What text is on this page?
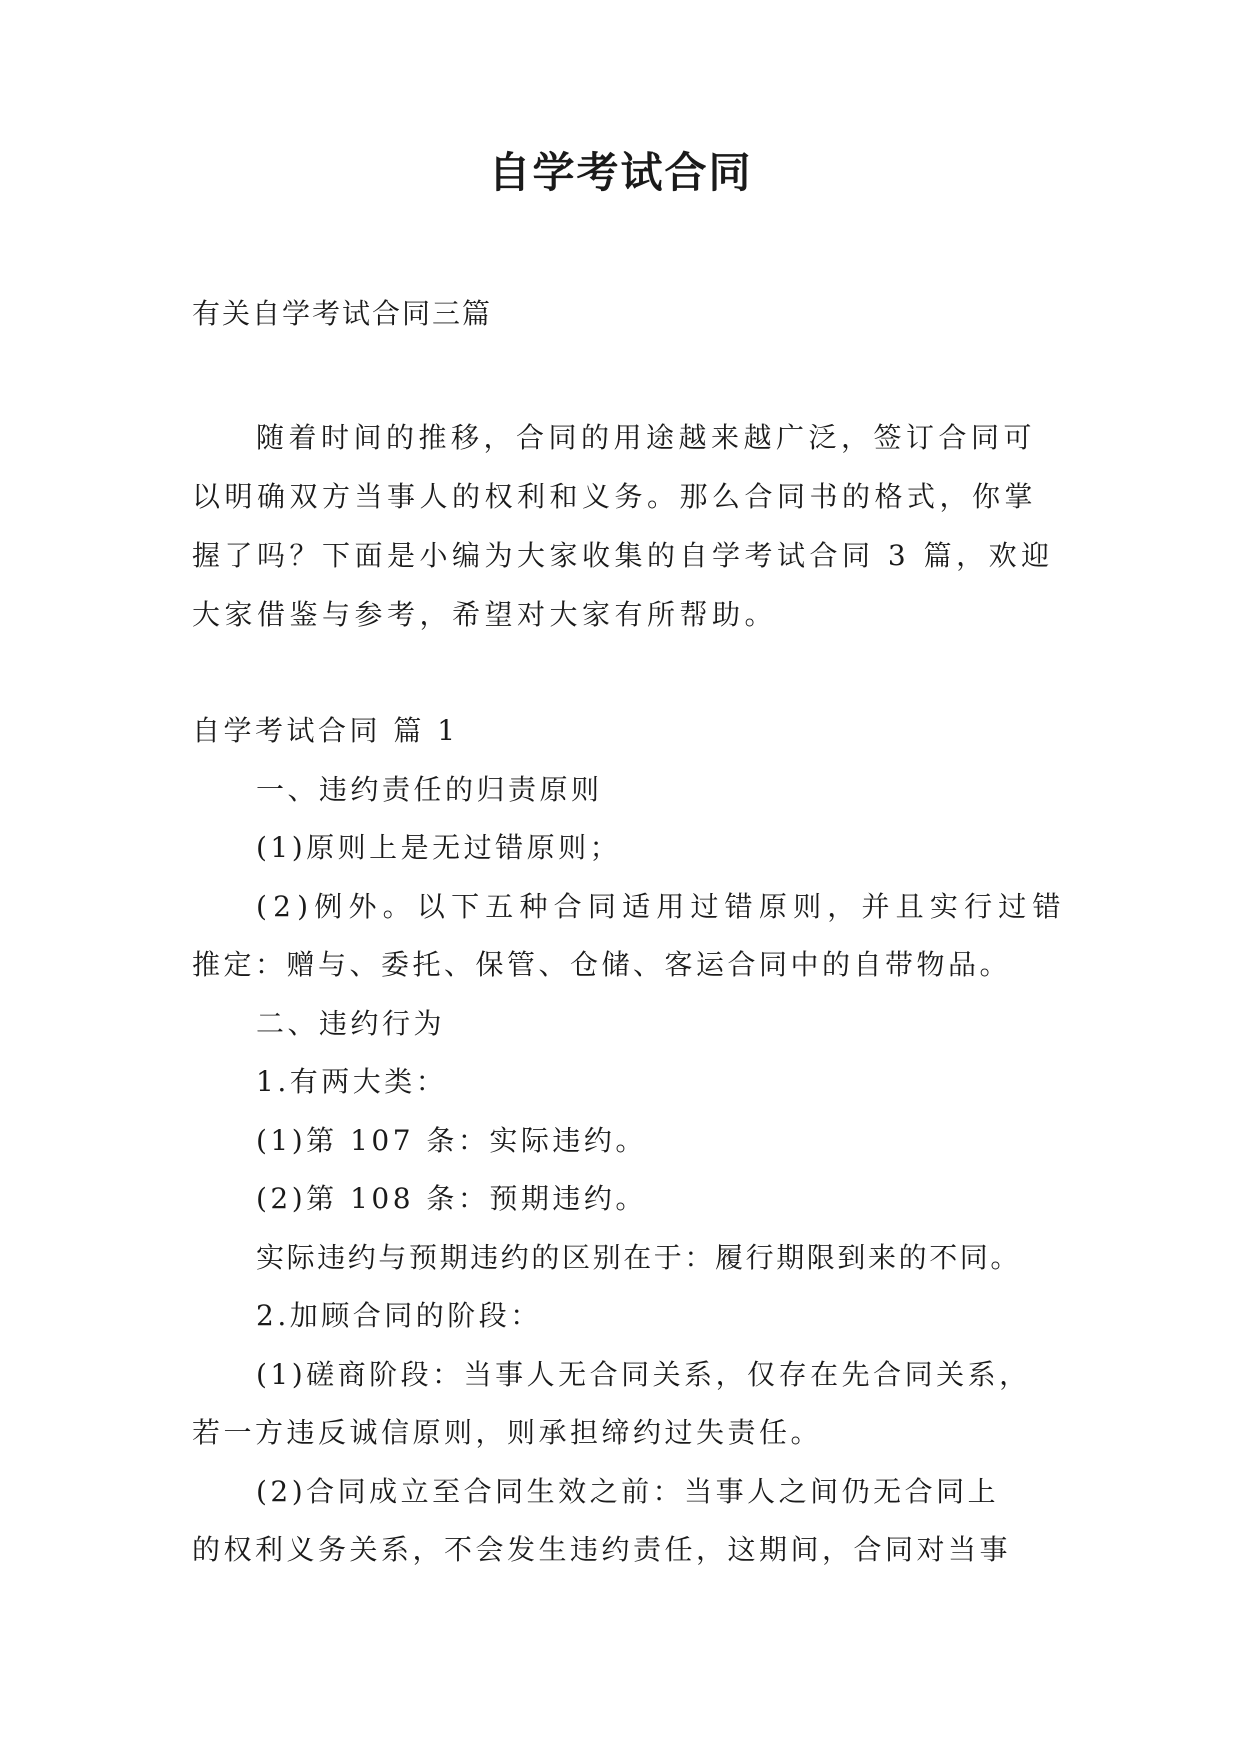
自学考试合同

有关自学考试合同三篇

随着时间的推移，合同的用途越来越广泛，签订合同可
以明确双方当事人的权利和义务。那么合同书的格式，你掌
握了吗？下面是小编为大家收集的自学考试合同 3 篇，欢迎
大家借鉴与参考，希望对大家有所帮助。
自学考试合同 篇 1
一、违约责任的归责原则
(1)原则上是无过错原则；
(2)例外。以下五种合同适用过错原则，并且实行过错
推定：赠与、委托、保管、仓储、客运合同中的自带物品。
二、违约行为
1.有两大类：
(1)第 107 条：实际违约。
(2)第 108 条：预期违约。
实际违约与预期违约的区别在于：履行期限到来的不同。
2.加顾合同的阶段：
(1)磋商阶段：当事人无合同关系，仅存在先合同关系，
若一方违反诚信原则，则承担缔约过失责任。
(2)合同成立至合同生效之前：当事人之间仍无合同上
的权利义务关系，不会发生违约责任，这期间，合同对当事
